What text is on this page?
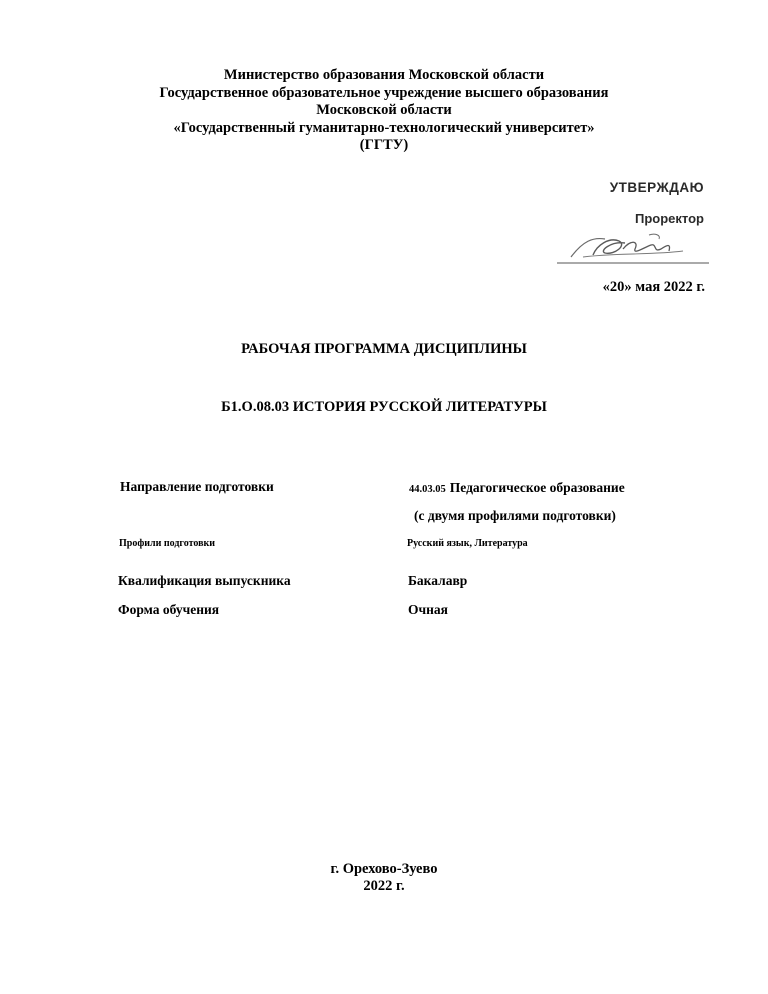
Министерство образования Московской области
Государственное образовательное учреждение высшего образования
Московской области
«Государственный гуманитарно-технологический университет»
(ГГТУ)
УТВЕРЖДАЮ
Проректор
«20» мая 2022 г.
РАБОЧАЯ ПРОГРАММА ДИСЦИПЛИНЫ
Б1.О.08.03 ИСТОРИЯ РУССКОЙ ЛИТЕРАТУРЫ
Направление подготовки	44.03.05 Педагогическое образование
(с двумя профилями подготовки)
Профили подготовки	Русский язык, Литература
Квалификация выпускника	Бакалавр
Форма обучения	Очная
г. Орехово-Зуево
2022 г.
